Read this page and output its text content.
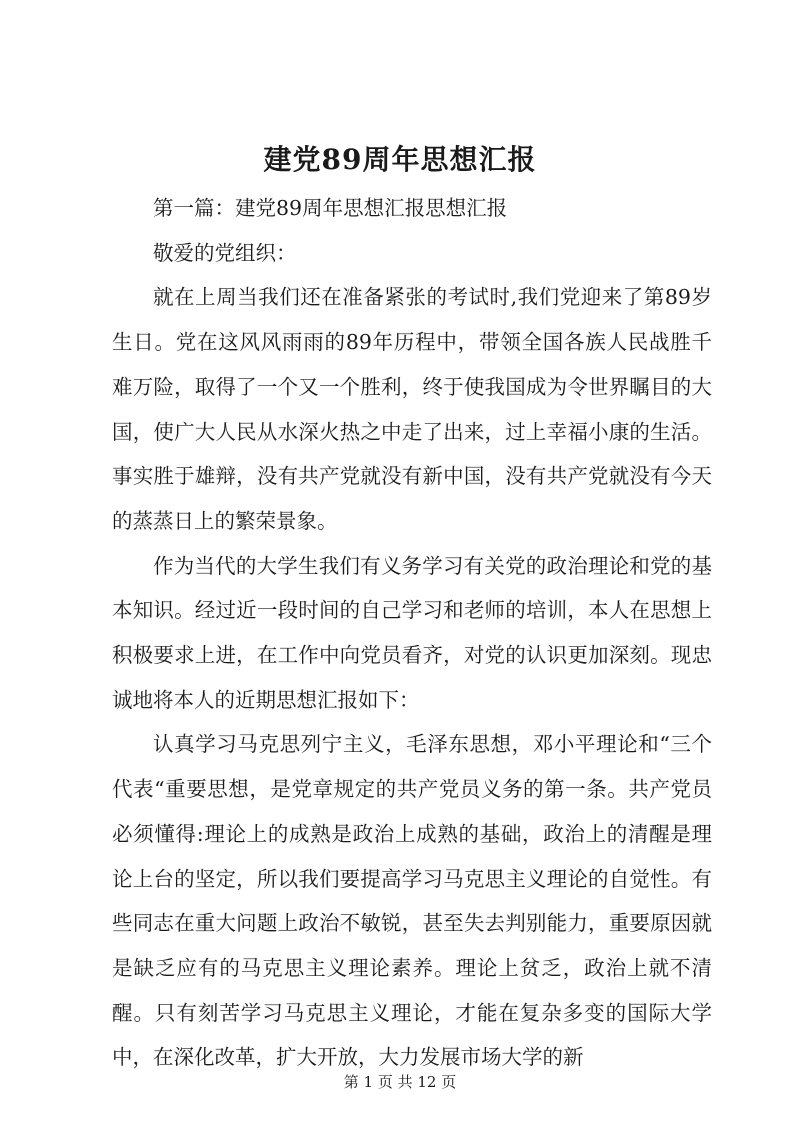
建党89周年思想汇报

第一篇：建党89周年思想汇报思想汇报

敬爱的党组织：

就在上周当我们还在准备紧张的考试时,我们党迎来了第89岁生日。党在这风风雨雨的89年历程中，带领全国各族人民战胜千难万险，取得了一个又一个胜利，终于使我国成为令世界瞩目的大国，使广大人民从水深火热之中走了出来，过上幸福小康的生活。事实胜于雄辩，没有共产党就没有新中国，没有共产党就没有今天的蒸蒸日上的繁荣景象。

作为当代的大学生我们有义务学习有关党的政治理论和党的基本知识。经过近一段时间的自己学习和老师的培训，本人在思想上积极要求上进，在工作中向党员看齐，对党的认识更加深刻。现忠诚地将本人的近期思想汇报如下：

认真学习马克思列宁主义，毛泽东思想，邓小平理论和“三个代表“重要思想，是党章规定的共产党员义务的第一条。共产党员必须懂得:理论上的成熟是政治上成熟的基础，政治上的清醒是理论上台的坚定，所以我们要提高学习马克思主义理论的自觉性。有些同志在重大问题上政治不敏锐，甚至失去判别能力，重要原因就是缺乏应有的马克思主义理论素养。理论上贫乏，政治上就不清醒。只有刻苦学习马克思主义理论，才能在复杂多变的国际大学中，在深化改革，扩大开放，大力发展市场大学的新

第 1 页 共 12 页
